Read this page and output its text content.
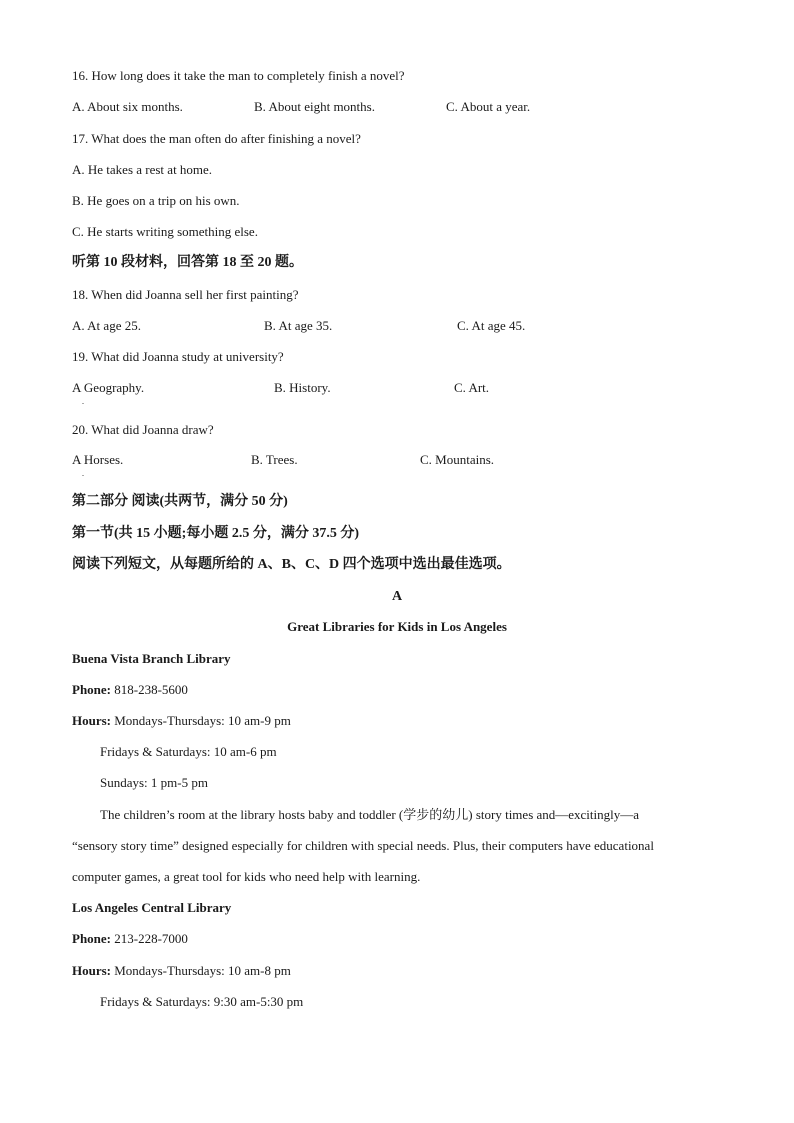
16. How long does it take the man to completely finish a novel?
A. About six months.	B. About eight months.	C. About a year.
17. What does the man often do after finishing a novel?
A. He takes a rest at home.
B. He goes on a trip on his own.
C. He starts writing something else.
听第 10 段材料，回答第 18 至 20 题。
18. When did Joanna sell her first painting?
A. At age 25.	B. At age 35.	C. At age 45.
19. What did Joanna study at university?
A Geography.
.
B. History.	C. Art.
20. What did Joanna draw?
A Horses.
.
B. Trees.	C. Mountains.
第二部分 阅读(共两节，满分 50 分)
第一节(共 15 小题;每小题 2.5 分，满分 37.5 分)
阅读下列短文，从每题所给的 A、B、C、D 四个选项中选出最佳选项。
A
Great Libraries for Kids in Los Angeles
Buena Vista Branch Library
Phone: 818-238-5600
Hours: Mondays-Thursdays: 10 am-9 pm
Fridays & Saturdays: 10 am-6 pm
Sundays: 1 pm-5 pm
The children’s room at the library hosts baby and toddler (学步的幼儿) story times and—excitingly—a
“sensory story time” designed especially for children with special needs. Plus, their computers have educational
computer games, a great tool for kids who need help with learning.
Los Angeles Central Library
Phone: 213-228-7000
Hours: Mondays-Thursdays: 10 am-8 pm
Fridays & Saturdays: 9:30 am-5:30 pm
